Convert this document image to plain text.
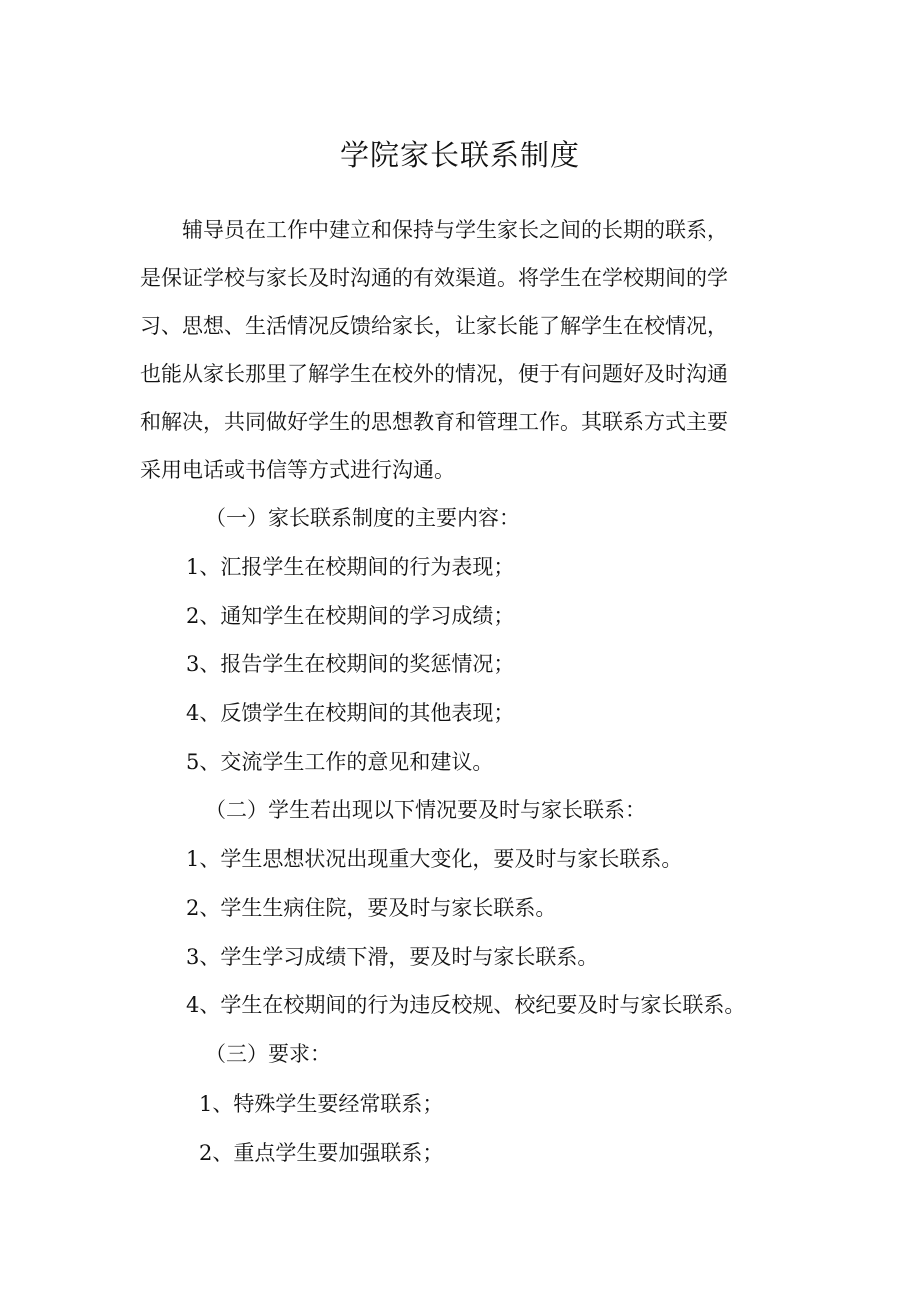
学院家长联系制度

　　辅导员在工作中建立和保持与学生家长之间的长期的联系，
是保证学校与家长及时沟通的有效渠道。将学生在学校期间的学
习、思想、生活情况反馈给家长，让家长能了解学生在校情况，
也能从家长那里了解学生在校外的情况，便于有问题好及时沟通
和解决，共同做好学生的思想教育和管理工作。其联系方式主要
采用电话或书信等方式进行沟通。

（一）家长联系制度的主要内容：

1、汇报学生在校期间的行为表现；

2、通知学生在校期间的学习成绩；

3、报告学生在校期间的奖惩情况；

4、反馈学生在校期间的其他表现；

5、交流学生工作的意见和建议。

（二）学生若出现以下情况要及时与家长联系：

1、学生思想状况出现重大变化，要及时与家长联系。

2、学生生病住院，要及时与家长联系。

3、学生学习成绩下滑，要及时与家长联系。

4、学生在校期间的行为违反校规、校纪要及时与家长联系。

（三）要求：

1、特殊学生要经常联系；

2、重点学生要加强联系；
